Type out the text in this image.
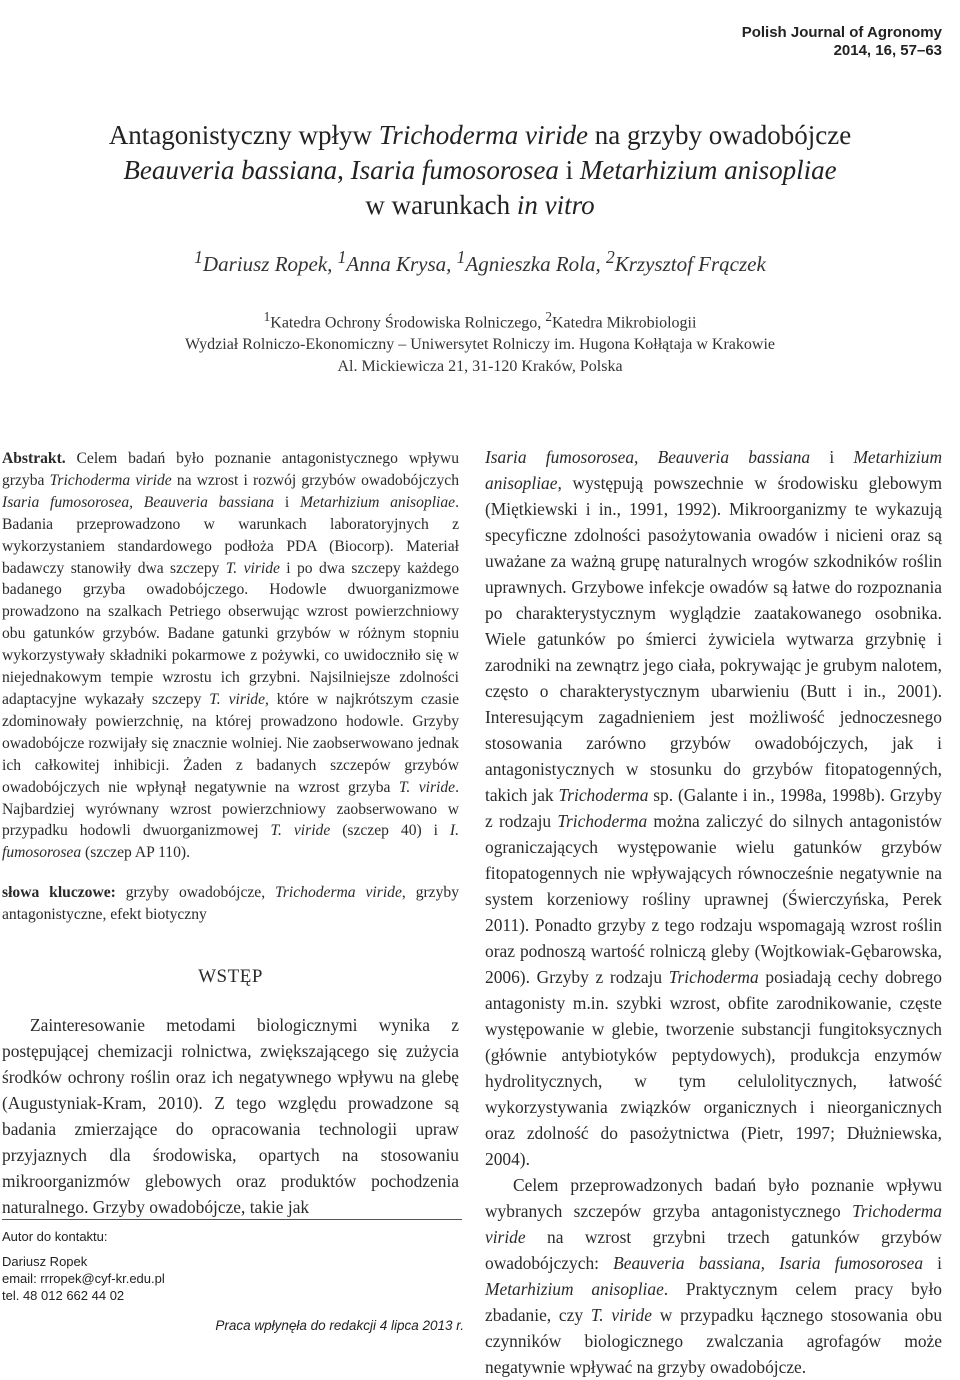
Polish Journal of Agronomy
2014, 16, 57–63
Antagonistyczny wpływ Trichoderma viride na grzyby owadobójcze
Beauveria bassiana, Isaria fumosorosea i Metarhizium anisopliae
w warunkach in vitro
$^1$Dariusz Ropek, $^1$Anna Krysa, $^1$Agnieszka Rola, $^2$Krzysztof Frączek
$^1$Katedra Ochrony Środowiska Rolniczego, $^2$Katedra Mikrobiologii
Wydział Rolniczo-Ekonomiczny – Uniwersytet Rolniczy im. Hugona Kołłątaja w Krakowie
Al. Mickiewicza 21, 31-120 Kraków, Polska

Abstrakt. Celem badań było poznanie antagonistycznego wpływu grzyba Trichoderma viride na wzrost i rozwój grzybów owadobójczych Isaria fumosorosea, Beauveria bassiana i Metarhizium anisopliae. Badania przeprowadzono w warunkach laboratoryjnych z wykorzystaniem standardowego podłoża PDA (Biocorp). Materiał badawczy stanowiły dwa szczepy T. viride i po dwa szczepy każdego badanego grzyba owadobójczego. Hodowle dwuorganizmowe prowadzono na szalkach Petriego obserwując wzrost powierzchniowy obu gatunków grzybów. Badane gatunki grzybów w różnym stopniu wykorzystywały składniki pokarmowe z pożywki, co uwidoczniło się w niejednakowym tempie wzrostu ich grzybni. Najsilniejsze zdolności adaptacyjne wykazały szczepy T. viride, które w najkrótszym czasie zdominowały powierzchnię, na której prowadzono hodowle. Grzyby owadobójcze rozwijały się znacznie wolniej. Nie zaobserwowano jednak ich całkowitej inhibicji. Żaden z badanych szczepów grzybów owadobójczych nie wpłynął negatywnie na wzrost grzyba T. viride. Najbardziej wyrównany wzrost powierzchniowy zaobserwowano w przypadku hodowli dwuorganizmowej T. viride (szczep 40) i I. fumosorosea (szczep AP 110).

słowa kluczowe: grzyby owadobójcze, Trichoderma viride, grzyby antagonistyczne, efekt biotyczny

WSTĘP

Zainteresowanie metodami biologicznymi wynika z postępującej chemizacji rolnictwa, zwiększającego się zużycia środków ochrony roślin oraz ich negatywnego wpływu na glebę (Augustyniak-Kram, 2010). Z tego względu prowadzone są badania zmierzające do opracowania technologii upraw przyjaznych dla środowiska, opartych na stosowaniu mikroorganizmów glebowych oraz produktów pochodzenia naturalnego. Grzyby owadobójcze, takie jak

Isaria fumosorosea, Beauveria bassiana i Metarhizium anisopliae, występują powszechnie w środowisku glebowym (Miętkiewski i in., 1991, 1992). Mikroorganizmy te wykazują specyficzne zdolności pasożytowania owadów i nicieni oraz są uważane za ważną grupę naturalnych wrogów szkodników roślin uprawnych. Grzybowe infekcje owadów są łatwe do rozpoznania po charakterystycznym wyglądzie zaatakowanego osobnika. Wiele gatunków po śmierci żywiciela wytwarza grzybnię i zarodniki na zewnątrz jego ciała, pokrywając je grubym nalotem, często o charakterystycznym ubarwieniu (Butt i in., 2001). Interesującym zagadnieniem jest możliwość jednoczesnego stosowania zarówno grzybów owadobójczych, jak i antagonistycznych w stosunku do grzybów fitopatogenných, takich jak Trichoderma sp. (Galante i in., 1998a, 1998b). Grzyby z rodzaju Trichoderma można zaliczyć do silnych antagonistów ograniczających występowanie wielu gatunków grzybów fitopatogennych nie wpływających równocześnie negatywnie na system korzeniowy rośliny uprawnej (Świerczyńska, Perek 2011). Ponadto grzyby z tego rodzaju wspomagają wzrost roślin oraz podnoszą wartość rolniczą gleby (Wojtkowiak-Gębarowska, 2006). Grzyby z rodzaju Trichoderma posiadają cechy dobrego antagonisty m.in. szybki wzrost, obfite zarodnikowanie, częste występowanie w glebie, tworzenie substancji fungitoksycznych (głównie antybiotyków peptydowych), produkcja enzymów hydrolitycznych, w tym celulolitycznych, łatwość wykorzystywania związków organicznych i nieorganicznych oraz zdolność do pasożytnictwa (Pietr, 1997; Dłużniewska, 2004).

Celem przeprowadzonych badań było poznanie wpływu wybranych szczepów grzyba antagonistycznego Trichoderma viride na wzrost grzybni trzech gatunków grzybów owadobójczych: Beauveria bassiana, Isaria fumosorosea i Metarhizium anisopliae. Praktycznym celem pracy było zbadanie, czy T. viride w przypadku łącznego stosowania obu czynników biologicznego zwalczania agrofagów może negatywnie wpływać na grzyby owadobójcze.

Autor do kontaktu:
Dariusz Ropek
email: rrropek@cyf-kr.edu.pl
tel. 48 012 662 44 02
Praca wpłynęła do redakcji 4 lipca 2013 r.
